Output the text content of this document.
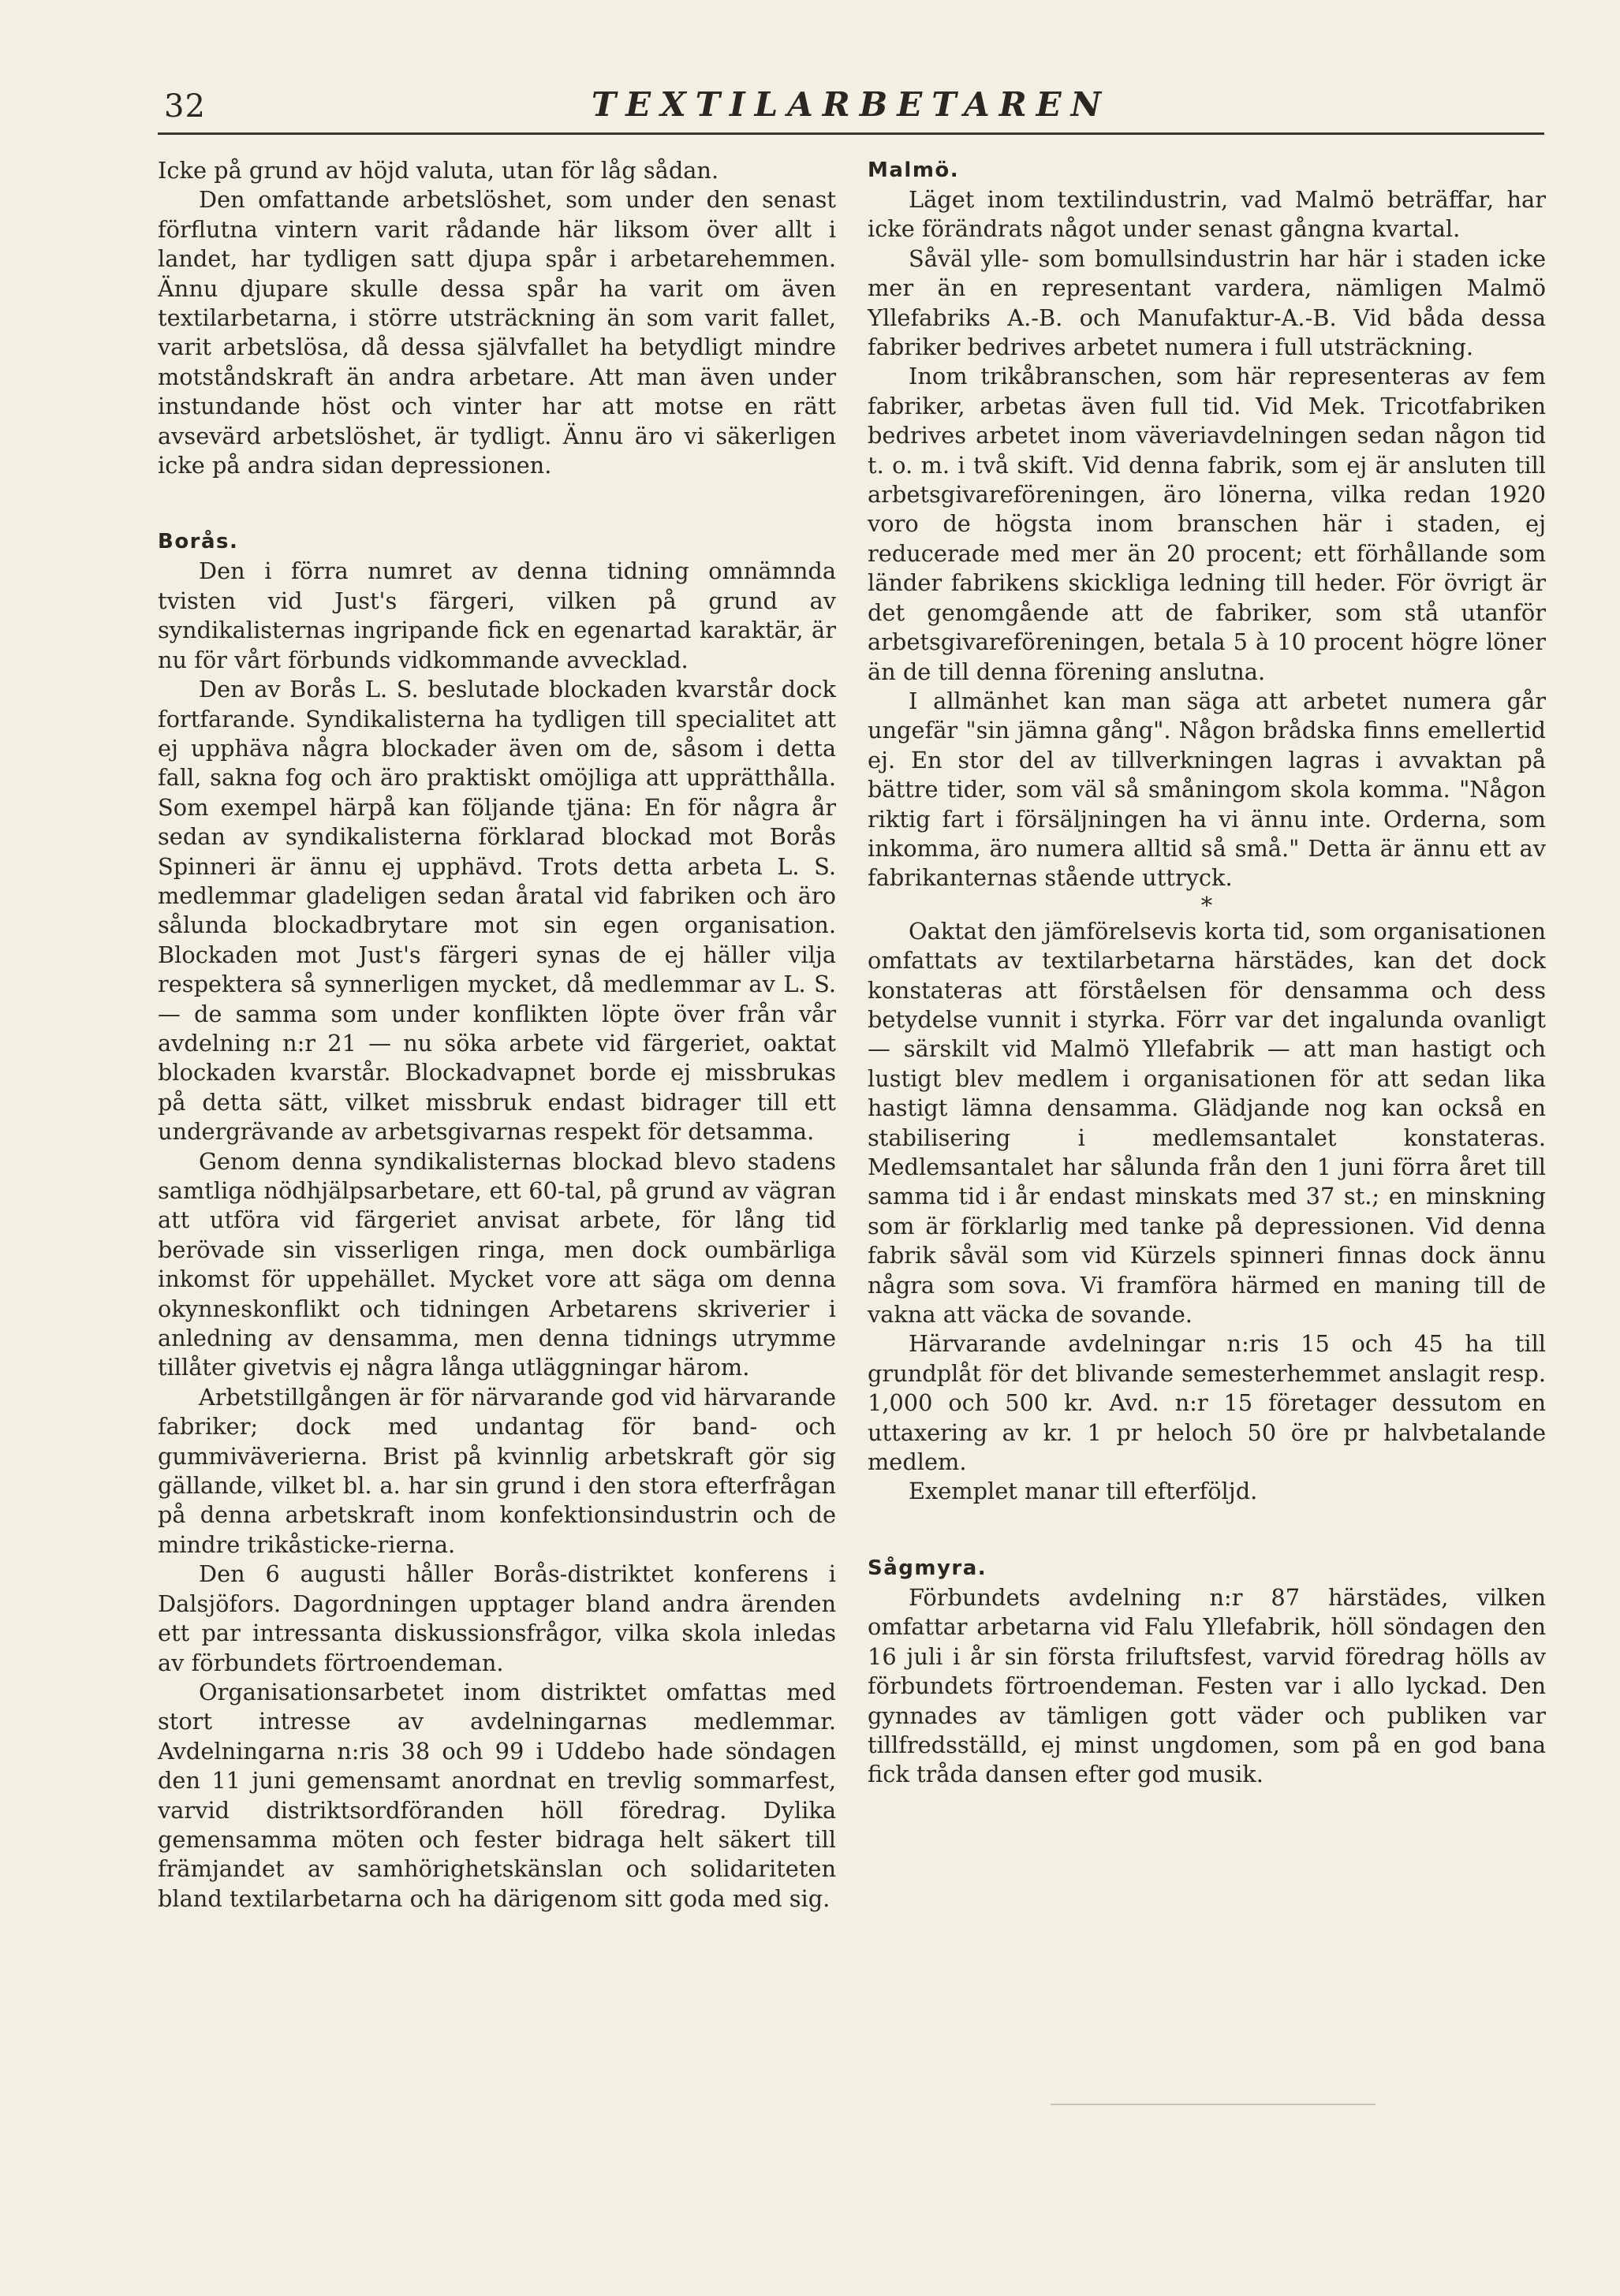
32	TEXTILARBETAREN

Icke på grund av höjd valuta, utan för låg sådan.

Den omfattande arbetslöshet, som under den senast förflutna vintern varit rådande här liksom över allt i landet, har tydligen satt djupa spår i arbetarehemmen. Ännu djupare skulle dessa spår ha varit om även textilarbetarna, i större utsträckning än som varit fallet, varit arbetslösa, då dessa självfallet ha betydligt mindre motståndskraft än andra arbetare. Att man även under instundande höst och vinter har att motse en rätt avsevärd arbetslöshet, är tydligt. Ännu äro vi säkerligen icke på andra sidan depressionen.

Borås.

Den i förra numret av denna tidning omnämnda tvisten vid Just's färgeri, vilken på grund av syndikalisternas ingripande fick en egenartad karaktär, är nu för vårt förbunds vidkommande avvecklad.

Den av Borås L. S. beslutade blockaden kvarstår dock fortfarande. Syndikalisterna ha tydligen till specialitet att ej upphäva några blockader även om de, såsom i detta fall, sakna fog och äro praktiskt omöjliga att upprätthålla. Som exempel härpå kan följande tjäna: En för några år sedan av syndikalisterna förklarad blockad mot Borås Spinneri är ännu ej upphävd. Trots detta arbeta L. S. medlemmar gladeligen sedan åratal vid fabriken och äro sålunda blockadbrytare mot sin egen organisation. Blockaden mot Just's färgeri synas de ej häller vilja respektera så synnerligen mycket, då medlemmar av L. S. — de samma som under konflikten löpte över från vår avdelning n:r 21 — nu söka arbete vid färgeriet, oaktat blockaden kvarstår. Blockadvapnet borde ej missbrukas på detta sätt, vilket missbruk endast bidrager till ett undergrävande av arbetsgivarnas respekt för detsamma.

Genom denna syndikalisternas blockad blevo stadens samtliga nödhjälpsarbetare, ett 60-tal, på grund av vägran att utföra vid färgeriet anvisat arbete, för lång tid berövade sin visserligen ringa, men dock oumbärliga inkomst för uppehället. Mycket vore att säga om denna okynneskonflikt och tidningen Arbetarens skriverier i anledning av densamma, men denna tidnings utrymme tillåter givetvis ej några långa utläggningar härom.

Arbetstillgången är för närvarande god vid härvarande fabriker; dock med undantag för band- och gummiväverierna. Brist på kvinnlig arbetskraft gör sig gällande, vilket bl. a. har sin grund i den stora efterfrågan på denna arbetskraft inom konfektionsindustrin och de mindre trikåsticke-rierna.

Den 6 augusti håller Borås-distriktet konferens i Dalsjöfors. Dagordningen upptager bland andra ärenden ett par intressanta diskussionsfrågor, vilka skola inledas av förbundets förtroendeman.

Organisationsarbetet inom distriktet omfattas med stort intresse av avdelningarnas medlemmar. Avdelningarna n:ris 38 och 99 i Uddebo hade söndagen den 11 juni gemensamt anordnat en trevlig sommarfest, varvid distriktsordföranden höll föredrag. Dylika gemensamma möten och fester bidraga helt säkert till främjandet av samhörighetskänslan och solidariteten bland textilarbetarna och ha därigenom sitt goda med sig.

Malmö.

Läget inom textilindustrin, vad Malmö beträffar, har icke förändrats något under senast gångna kvartal.

Såväl ylle- som bomullsindustrin har här i staden icke mer än en representant vardera, nämligen Malmö Yllefabriks A.-B. och Manufaktur-A.-B. Vid båda dessa fabriker bedrives arbetet numera i full utsträckning.

Inom trikåbranschen, som här representeras av fem fabriker, arbetas även full tid. Vid Mek. Tricotfabriken bedrives arbetet inom väveriavdelningen sedan någon tid t. o. m. i två skift. Vid denna fabrik, som ej är ansluten till arbetsgivareföreningen, äro lönerna, vilka redan 1920 voro de högsta inom branschen här i staden, ej reducerade med mer än 20 procent; ett förhållande som länder fabrikens skickliga ledning till heder. För övrigt är det genomgående att de fabriker, som stå utanför arbetsgivareföreningen, betala 5 à 10 procent högre löner än de till denna förening anslutna.

I allmänhet kan man säga att arbetet numera går ungefär "sin jämna gång". Någon brådska finns emellertid ej. En stor del av tillverkningen lagras i avvaktan på bättre tider, som väl så småningom skola komma. "Någon riktig fart i försäljningen ha vi ännu inte. Orderna, som inkomma, äro numera alltid så små." Detta är ännu ett av fabrikanternas stående uttryck.

*

Oaktat den jämförelsevis korta tid, som organisationen omfattats av textilarbetarna härstädes, kan det dock konstateras att förståelsen för densamma och dess betydelse vunnit i styrka. Förr var det ingalunda ovanligt — särskilt vid Malmö Yllefabrik — att man hastigt och lustigt blev medlem i organisationen för att sedan lika hastigt lämna densamma. Glädjande nog kan också en stabilisering i medlemsantalet konstateras. Medlemsantalet har sålunda från den 1 juni förra året till samma tid i år endast minskats med 37 st.; en minskning som är förklarlig med tanke på depressionen. Vid denna fabrik såväl som vid Kürzels spinneri finnas dock ännu några som sova. Vi framföra härmed en maning till de vakna att väcka de sovande.

Härvarande avdelningar n:ris 15 och 45 ha till grundplåt för det blivande semesterhemmet anslagit resp. 1,000 och 500 kr. Avd. n:r 15 företager dessutom en uttaxering av kr. 1 pr heloch 50 öre pr halvbetalande medlem.

Exemplet manar till efterföljd.

Sågmyra.

Förbundets avdelning n:r 87 härstädes, vilken omfattar arbetarna vid Falu Yllefabrik, höll söndagen den 16 juli i år sin första friluftsfest, varvid föredrag hölls av förbundets förtroendeman. Festen var i allo lyckad. Den gynnades av tämligen gott väder och publiken var tillfredsställd, ej minst ungdomen, som på en god bana fick tråda dansen efter god musik.
